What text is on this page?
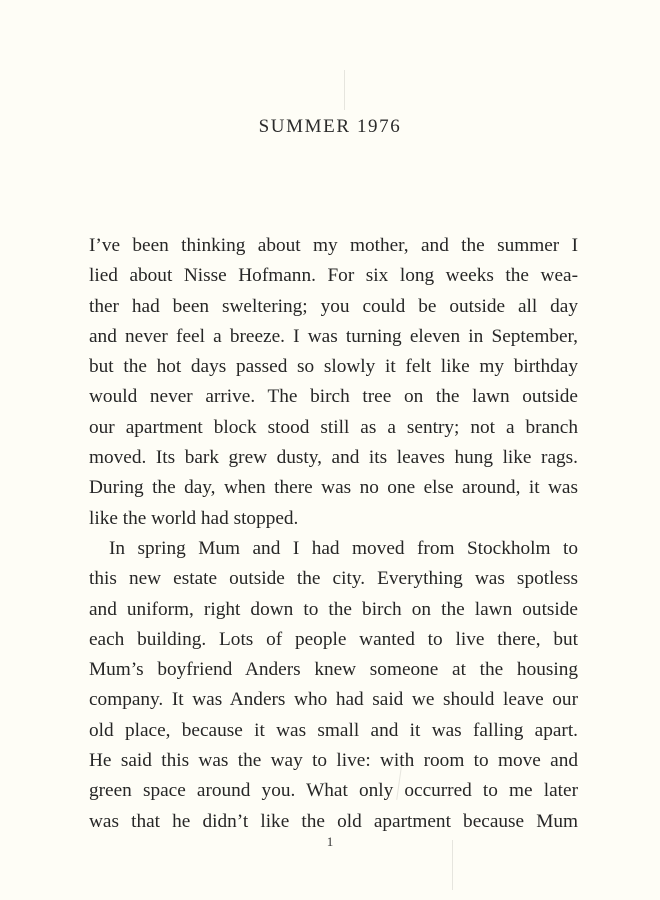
SUMMER 1976
I’ve been thinking about my mother, and the summer I
lied about Nisse Hofmann. For six long weeks the wea-
ther had been sweltering; you could be outside all day
and never feel a breeze. I was turning eleven in September,
but the hot days passed so slowly it felt like my birthday
would never arrive. The birch tree on the lawn outside
our apartment block stood still as a sentry; not a branch
moved. Its bark grew dusty, and its leaves hung like rags.
During the day, when there was no one else around, it was
like the world had stopped.
In spring Mum and I had moved from Stockholm to
this new estate outside the city. Everything was spotless
and uniform, right down to the birch on the lawn outside
each building. Lots of people wanted to live there, but
Mum’s boyfriend Anders knew someone at the housing
company. It was Anders who had said we should leave our
old place, because it was small and it was falling apart.
He said this was the way to live: with room to move and
green space around you. What only occurred to me later
was that he didn’t like the old apartment because Mum
1
